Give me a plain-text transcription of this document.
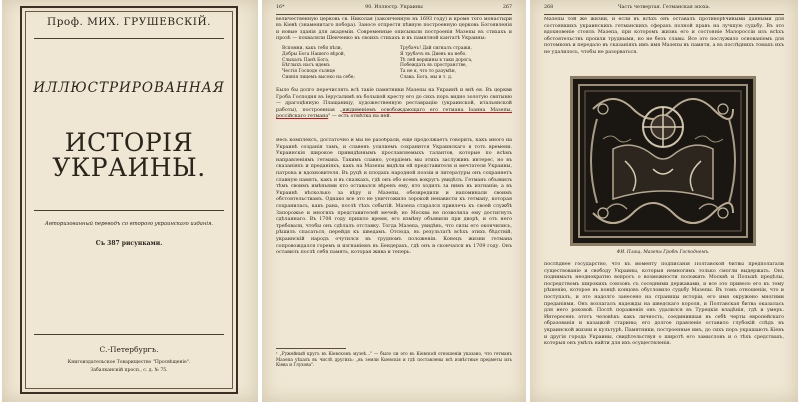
Проф. МИХ. ГРУШЕВСКІЙ.
ИЛЛЮСТРИРОВАННАЯ
ИСТОРІЯ УКРАИНЫ.
Авторизованный переводъ со второго украинскаго изданія.
Съ 387 рисунками.
С.-Петербургъ.
Книгоиздательское Товарищество "Просвѣщеніе".
Забалканскій просп., с. д. № 75.
16*	90. Иллюстр. Украины	267
величественную церковь св. Николая (законченную въ 1693 году) и кроме того монастыри въ Кіевѣ (знаменитаго побора). Заносе отпрестя пѣвную построенную церковь Богоявленія и новые зданія для академіи. Современные описывали построенія Мазепы въ стихахъ и прозѣ — похваляли Шевченко въ своихъ стихахъ и въ памятной кантатѣ Украины:
Вспомни, какъ тебя пѣли,
Добры Бога Нашего вѣрой,
Слыхалъ Панѣ Бога,
Бѣглыхъ насъ идемъ
Честія Господе сълнце
Сиянія лицемъ высоко на себе;
Трубачъ! Дай сигналъ стражи,
Я трубачъ въ Диевъ на небо.
Тѣ лей вершины в таки дорога,
Побеждать въ пространстве,
Та не я, что то разумѣн,
Слава. Бога, мы и т. д.
Было бы долго перечислять всѣ такіе памятники Мазепы на Украинѣ и внѣ ея. Въ церкви Гроба Господня въ Іерусалимѣ въ большой кресту его до сихъ поръ видно золотую святыню — драгоцѣнную Плащаницу, художественную реставрацію (украинской, итальянской работы), построенная „иждивеніемъ освобождающаго его гетмана Іоанна Мазепы, россійскаго гетмана" — есть отмѣтка на ней.
Весь комплексъ, достаточно и мы не разобрали, еще продолжаетъ говорить, какъ много на Украинѣ созданія тамъ, и славенъ усилиемъ сохранится Украинскаго в тотъ времени. Украинскія широкое привидѣннымъ прославляемыхъ талантов, которые по всѣмъ направленіямъ гетмана. Такимъ славно, усердіемъ мы этихъ заслуживъ интерес, но въ сказаніяхъ и преданіяхъ, какъ на Мазепы видѣли ей представителя и мечтателя Украины, патрона и вдохновителя. Въ руцѣ и плодахъ народной поэзіи и литературы онъ сохраняетъ славную память, какъ и въ сказкахъ, гдѣ онъ обо всемъ вокругъ увидѣлъ. Гетманъ объявилъ тѣмъ своимъ имѣньями кто оставался вѣренъ ему, кто ходилъ за нимъ въ изгнаніи; а въ Украинѣ нѣсколько за вѣру и Мазепы, обезвредили и напоминали своимъ обстоятельствамъ. Однако все это не уничтожило зорокой ненависти къ гетману, которая сохранилась, какъ рана, послѣ тѣхъ событій. Мазепа старался привлечь къ своей службѣ Запорожье и многихъ представителей мечей; но Москва не позволила ему достигнуть сдѣланнаго. Въ 1708 году пришло время, его измѣну объявили при дворѣ, и отъ него требовали, чтобы онъ сдѣлалъ отставку. Тогда Мазепа, увидѣвъ, что силы его окончились, рѣшилъ спасаться, перейдя къ шведамъ. Отсюда, въ результатѣ всѣхъ этихъ бѣдствій, украинскій народъ очутился въ трудномъ положеніи. Конецъ жизни гетмана сопровождался горемъ и изгнаніемъ въ Бендерахъ, гдѣ онъ и скончался въ 1709 году. Онъ оставилъ послѣ себя память, которая жива и теперь.
¹ „Ружейный кругъ въ Кіевскомъ музеѣ..." — было ли это въ Кіевской отношеніи указано, что гетманъ Мазепа уѣхалъ въ числѣ другихъ: „въ земли Киевскія и гдѣ поставлены всѣ извѣстные предметы изъ Кіева и Глухова".
268	Часть четвертая. Гетманская эпоха.
Мазепы той же жизни, и если въ всѣхъ онъ оставалъ противорѣчивыми данными для состоявшихъ украинскихъ гетманскихъ сферахъ полной правъ на лучшую судьбу. Въ это вдохновеніе стоялъ Мазепа, при которомъ жизнь его и состояніе Малороссіи изъ всѣхъ обстоятельствъ прошли трудными, но не безъ славы. Все это послужило основаніемъ для потомковъ и передало въ сказаніяхъ имъ имя Мазепы въ памяти, а въ послѣднихъ томахъ ихъ не удалилось, чтобы не разорваться.
ФИ. Плащ. Мазепы Гробѣ Господнемъ.
послѣднее государство, что къ моменту подписанія Полтавской битвы предполагали существованіе и свободу Украины, которыя немногимъ только смогли выдержать. Онъ поднималъ неоднократно вопросъ о возможности положить Москвѣ и Польшѣ предѣлы, посредствомъ широкихъ союзовъ съ соседними державами, и все это привело его къ тому рѣшенію, которое въ концѣ концовъ обусловило судьбу Мазепы. Въ томъ отношеніи, что и поступалъ, и это надолго занесено на страницы исторіи, его имя окружено многими преданіями. Онъ возлагалъ надежды на шведскаго короля, и Полтавская битва оказалась для него роковой. Послѣ пораженія онъ удалился въ Турецкія владѣнія, гдѣ и умеръ. Интересенъ этотъ человѣкъ какъ личность, соединившая въ себѣ черты европейскаго образованія и казацкой старины; его долгое правленіе оставило глубокій слѣдъ въ украинской жизни и культурѣ. Памятники, построенные имъ, до сихъ поръ украшаютъ Кіевъ и другія города Украины, свидѣтельствуя о широтѣ его замысловъ и о тѣхъ средствахъ, которыя онъ умѣлъ найти для ихъ осуществленія.
